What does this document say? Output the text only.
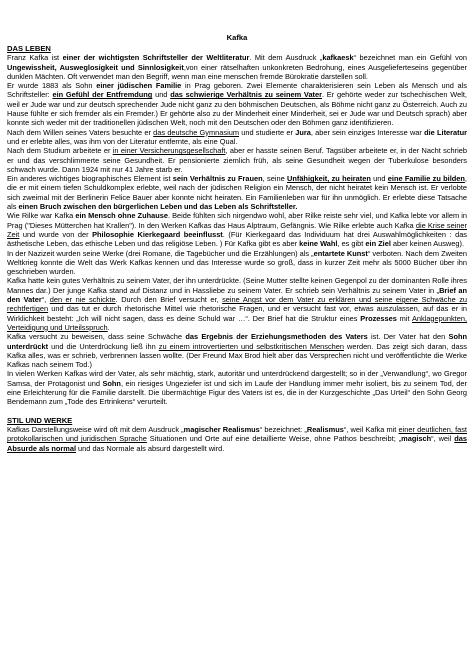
Kafka
DAS LEBEN

Franz Kafka ist einer der wichtigsten Schriftsteller der Weltliteratur. Mit dem Ausdruck „kafkaesk“ bezeichnet man ein Gefühl von Ungewissheit, Ausweglosigkeit und Sinnlosigkeit,von einer rätselhaften unkonkreten Bedrohung, eines Ausgelieferteseins gegenüber dunklen Mächten. Oft verwendet man den Begriff, wenn man eine menschen fremde Bürokratie darstellen soll.

Er wurde 1883 als Sohn einer jüdischen Familie in Prag geboren. Zwei Elemente charakterisieren sein Leben als Mensch und als Schriftsteller: ein Gefühl der Entfremdung und das schwierige Verhältnis zu seinem Vater. Er gehörte weder zur tschechischen Welt, weil er Jude war und zur deutsch sprechender Jude nicht ganz zu den böhmischen Deutschen, als Böhme nicht ganz zu Österreich. Auch zu Hause fühlte er sich fremder als ein Fremder.) Er gehörte also zu der Minderheit einer Minderheit, sei er Jude war und Deutsch sprach) aber konnte sich weder mit der traditionellen jüdischen Welt, noch mit den Deutschen oder den Böhmen ganz identifizieren.

Nach dem Willen seines Vaters besuchte er das deutsche Gymnasium und studierte er Jura, aber sein einziges Interesse war die Literatur und er erlebte alles, was ihm von der Literatur entfernte, als eine Qual.

Nach dem Studium arbeitete er in einer Versicherungsgesellschaft, aber er hasste seinen Beruf. Tagsüber arbeitete er, in der Nacht schrieb er und das verschlimmerte seine Gesundheit. Er pensionierte ziemlich früh, als seine Gesundheit wegen der Tuberkulose besonders schwach wurde. Dann 1924 mit nur 41 Jahre starb er.

Ein anderes wichtiges biographisches Element ist sein Verhältnis zu Frauen, seine Unfähigkeit, zu heiraten und eine Familie zu bilden, die er mit einem tiefen Schuldkomplex erlebte, weil nach der jüdischen Religion ein Mensch, der nicht heiratet kein Mensch ist. Er verlobte sich zweimal mit der Berlinerin Felice Bauer aber konnte nicht heiraten. Ein Familienleben war für ihn unmöglich. Er erlebte diese Tatsache als einen Bruch zwischen den bürgerlichen Leben und das Leben als Schriftsteller.

Wie Rilke war Kafka ein Mensch ohne Zuhause. Beide fühlten sich nirgendwo wohl, aber Rilke reiste sehr viel, und Kafka lebte vor allem in Prag ("Dieses Mütterchen hat Krallen"). In den Werken Kafkas das Haus Alptraum, Gefängnis. Wie Rilke erlebte auch Kafka die Krise seiner Zeit und wurde von der Philosophie Kierkegaard beeinflusst. (Für Kierkegaard das Individuum hat drei Auswahlmöglichkeiten : das ästhetische Leben, das ethische Leben und das religiöse Leben. ) Für Kafka gibt es aber keine Wahl, es gibt ein Ziel aber keinen Ausweg).

In der Nazizeit wurden seine Werke (drei Romane, die Tagebücher und die Erzählungen) als „entartete Kunst“ verboten. Nach dem Zweiten Weltkrieg konnte die Welt das Werk Kafkas kennen und das Interesse wurde so groß, dass in kurzer Zeit mehr als 5000 Bücher über ihn geschrieben wurden.

Kafka hatte kein gutes Verhältnis zu seinem Vater, der ihn unterdrückte. (Seine Mutter stellte keinen Gegenpol zu der dominanten Rolle ihres Mannes dar.) Der junge Kafka stand auf Distanz und in Hassliebe zu seinem Vater. Er schrieb sein Verhältnis zu seinem Vater in „Brief an den Vater“, den er nie schickte. Durch den Brief versucht er, seine Angst vor dem Vater zu erklären und seine eigene Schwäche zu rechtfertigen und das tut er durch rhetorische Mittel wie rhetorische Fragen, und er versucht fast vor, etwas auszulassen, auf das er in Wirklichkeit besteht: „Ich will nicht sagen, dass es deine Schuld war …“. Der Brief hat die Struktur eines Prozesses mit Anklagepunkten, Verteidigung und Urteilsspruch.

Kafka versucht zu beweisen, dass seine Schwäche das Ergebnis der Erziehungsmethoden des Vaters ist. Der Vater hat den Sohn unterdrückt und die Unterdrückung ließ ihn zu einem introvertierten und selbstkritischen Menschen werden. Das zeigt sich daran, dass Kafka alles, was er schrieb, verbrennen lassen wollte. (Der Freund Max Brod hielt aber das Versprechen nicht und veröffentlichte die Werke Kafkas nach seinem Tod.)

In vielen Werken Kafkas wird der Vater, als sehr mächtig, stark, autoritär und unterdrückend dargestellt; so in der „Verwandlung“, wo Gregor Samsa, der Protagonist und Sohn, ein riesiges Ungeziefer ist und sich im Laufe der Handlung immer mehr isoliert, bis zu seinem Tod, der eine Erleichterung für die Familie darstellt. Die übermächtige Figur des Vaters ist es, die in der Kurzgeschichte „Das Urteil“ den Sohn Georg Bendemann zum „Tode des Ertrinkens“ verurteilt.

STIL UND WERKE

Kafkas Darstellungsweise wird oft mit dem Ausdruck „magischer Realismus“ bezeichnet: „Realismus“, weil Kafka mit einer deutlichen, fast protokollarischen und juridischen Sprache Situationen und Orte auf eine detaillierte Weise, ohne Pathos beschreibt; „magisch“, weil das Absurde als normal und das Normale als absurd dargestellt wird.
